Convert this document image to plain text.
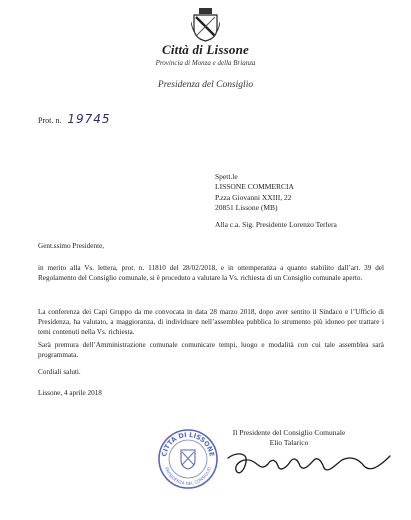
Città di Lissone
Provincia di Monza e della Brianza
Presidenza del Consiglio
Prot. n. 19745
Spett.le
LISSONE COMMERCIA
P.zza Giovanni XXIII, 22
20851 Lissone (MB)
Alla c.a. Sig. Presidente Lorenzo Terlera
Gent.ssimo Presidente,
in merito alla Vs. lettera, prot. n. 11810 del 28/02/2018, e in ottemperanza a quanto stabilito dall’art. 39 del Regolamento del Consiglio comunale, si è proceduto a valutare la Vs. richiesta di un Consiglio comunale aperto.
La conferenza dei Capi Gruppo da me convocata in data 28 marzo 2018, dopo aver sentito il Sindaco e l’Ufficio di Presidenza, ha valutato, a maggioranza, di individuare nell’assemblea pubblica lo strumento più idoneo per trattare i temi contenuti nella Vs. richiesta.
Sarà premura dell’Amministrazione comunale comunicare tempi, luogo e modalità con cui tale assemblea sarà programmata.
Cordiali saluti.
Lissone, 4 aprile 2018
Il Presidente del Consiglio Comunale
Elio Talarico
CITTÀ DI LISSONE
PRESIDENZA DEL CONSIGLIO
